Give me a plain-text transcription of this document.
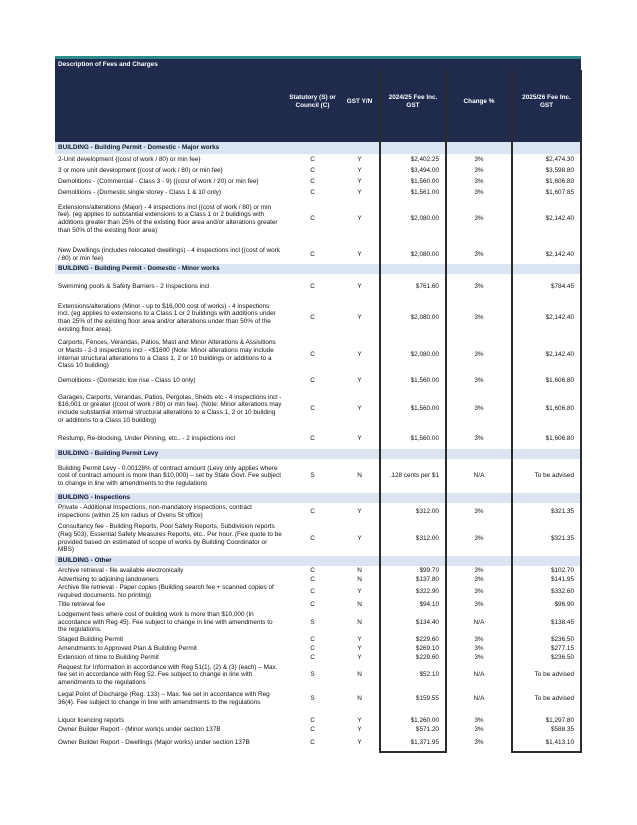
Description of Fees and Charges					
	Statutory (S) or Council (C)	GST Y/N	2024/25 Fee Inc. GST	Change %	2025/26 Fee Inc. GST

BUILDING - Building Permit - Domestic - Major works					
2-Unit development {(cost of work / 80) or min fee}	C	Y	$2,402.25	3%	$2,474.30
3 or more unit development {(cost of work / 80) or min fee}	C	Y	$3,494.00	3%	$3,598.80
Demolitions - (Commercial - Class 3 - 9) {(cost of work / 20) or min fee}	C	Y	$1,560.00	3%	$1,606.80
Demolitions - (Domestic single storey - Class 1 & 10 only)	C	Y	$1,561.00	3%	$1,607.85
Extensions/alterations (Major) - 4 inspections incl {(cost of work / 80) or min fee}. (eg applies to substantial extensions to a Class 1 or 2 buildings with additions greater than 25% of the existing floor area and/or alterations greater than 50% of the existing floor area)	C	Y	$2,080.00	3%	$2,142.40

New Dwellings (includes relocated dwellings) - 4 inspections incl {(cost of work / 80) or min fee}	C	Y	$2,080.00	3%	$2,142.40
BUILDING - Building Permit - Domestic - Minor works					

Swimming pools & Safety Barriers - 2 Inspections incl	C	Y	$761.60	3%	$784.45

Extensions/alterations (Minor - up to $16,000 cost of works) - 4 inspections incl. (eg applies to extensions to a Class 1 or 2 buildings with additions under than 25% of the existing floor area and/or alterations under than 50% of the existing floor area).	C	Y	$2,080.00	3%	$2,142.40
Carports, Fences, Verandas, Patios, Mast and Minor Alterations & Assisitions or Masts - 2-3 inspections incl - <$1600 (Note: Minor alterations may include internal structural alterations to a Class 1, 2 or 10 buildings or additions to a Class 10 building)	C	Y	$2,080.00	3%	$2,142.40
Demolitions - (Domestic low rise - Class 10 only)	C	Y	$1,560.00	3%	$1,606.80
Garages, Carports, Verandas, Patios, Pergolas, Sheds etc - 4 inspections incl - $16,001 or greater {(cost of work / 80) or min fee}. (Note: Minor alterations may include substantial internal structural alterations to a Class 1, 2 or 10 building or additions to a Class 10 building)	C	Y	$1,560.00	3%	$1,606.80
Restump, Re-blocking, Under Pinning, etc.. - 2 inspections incl	C	Y	$1,560.00	3%	$1,606.80
BUILDING - Building Permit Levy					
Building Permit Levy - 0.00128% of contract amount (Levy only applies where cost of contract amount is more than $10,000) – set by State Govt. Fee subject to change in line with amendments to the regulations	S	N	.128 cents per $1	N/A	To be advised
BUILDING - Inspections					
Private - Additional Inspections, non-mandatory inspections, contract inspections (within 25 km radius of Ovens St office)	C	Y	$312.00	3%	$321.35
Consultancy fee - Building Reports, Pool Safety Reports, Subdivision reports (Reg 503), Essential Safety Measures Reports, etc.. Per hour. (Fee quote to be provided based on estimated of scope of works by Building Coordinator or MBS)	C	Y	$312.00	3%	$321.35
BUILDING - Other					
Archive retrieval - file available electronically	C	N	$99.70	3%	$102.70
Advertising to adjoining landowners	C	N	$137.80	3%	$141.95
Archive file retrieval - Paper copies (Building search fee + scanned copies of required documents. No printing)	C	Y	$322.90	3%	$332.60
Title retrieval fee	C	N	$94.10	3%	$96.90
Lodgement fees where cost of building work is more than $10,000 (In accordance with Reg 45). Fee subject to change in line with amendments to the regulations.	S	N	$134.40	N/A	$138.45
Staged Building Permit	C	Y	$229.60	3%	$236.50
Amendments to Approved Plan & Building Permit	C	Y	$269.10	3%	$277.15
Extension of time to Building Permit	C	Y	$229.60	3%	$236.50
Request for Information in accordance with Reg 51(1), (2) & (3) (each) – Max. fee set in accordance with Reg 52. Fee subject to change in line with amendments to the regulations	S	N	$52.10	N/A	To be advised
Legal Point of Discharge (Reg. 133) – Max. fee set in accordance with Reg 36(4). Fee subject to change in line with amendments to the regulations	S	N	$159.55	N/A	To be advised

Liquor licencing reports	C	Y	$1,260.00	3%	$1,297.80
Owner Builder Report - (Minor work)s under section 137B	C	Y	$571.20	3%	$588.35
Owner Builder Report - Dwellings (Major works) under section 137B	C	Y	$1,371.95	3%	$1,413.10
